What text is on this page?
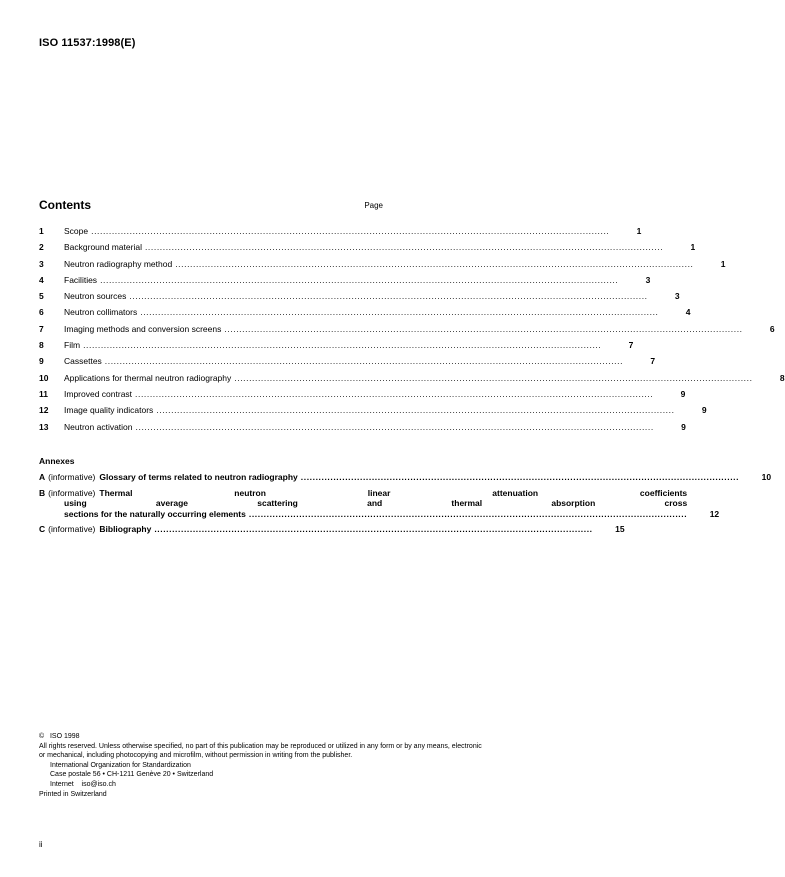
ISO 11537:1998(E)
Contents	Page
1	Scope .....	1
2	Background material .....	1
3	Neutron radiography method .....	1
4	Facilities .....	3
5	Neutron sources .....	3
6	Neutron collimators .....	4
7	Imaging methods and conversion screens .....	6
8	Film .....	7
9	Cassettes .....	7
10	Applications for thermal neutron radiography .....	8
11	Improved contrast .....	9
12	Image quality indicators .....	9
13	Neutron activation .....	9
Annexes
A (informative) Glossary of terms related to neutron radiography .....	10
B (informative) Thermal neutron linear attenuation coefficients
using average scattering and thermal absorption cross
sections for the naturally occurring elements .....	12
C (informative) Bibliography .....	15
©   ISO 1998
All rights reserved. Unless otherwise specified, no part of this publication may be reproduced or utilized in any form or by any means, electronic
or mechanical, including photocopying and microfilm, without permission in writing from the publisher.
International Organization for Standardization
Case postale 56 • CH-1211 Genève 20 • Switzerland
Internet    iso@iso.ch
Printed in Switzerland
ii
